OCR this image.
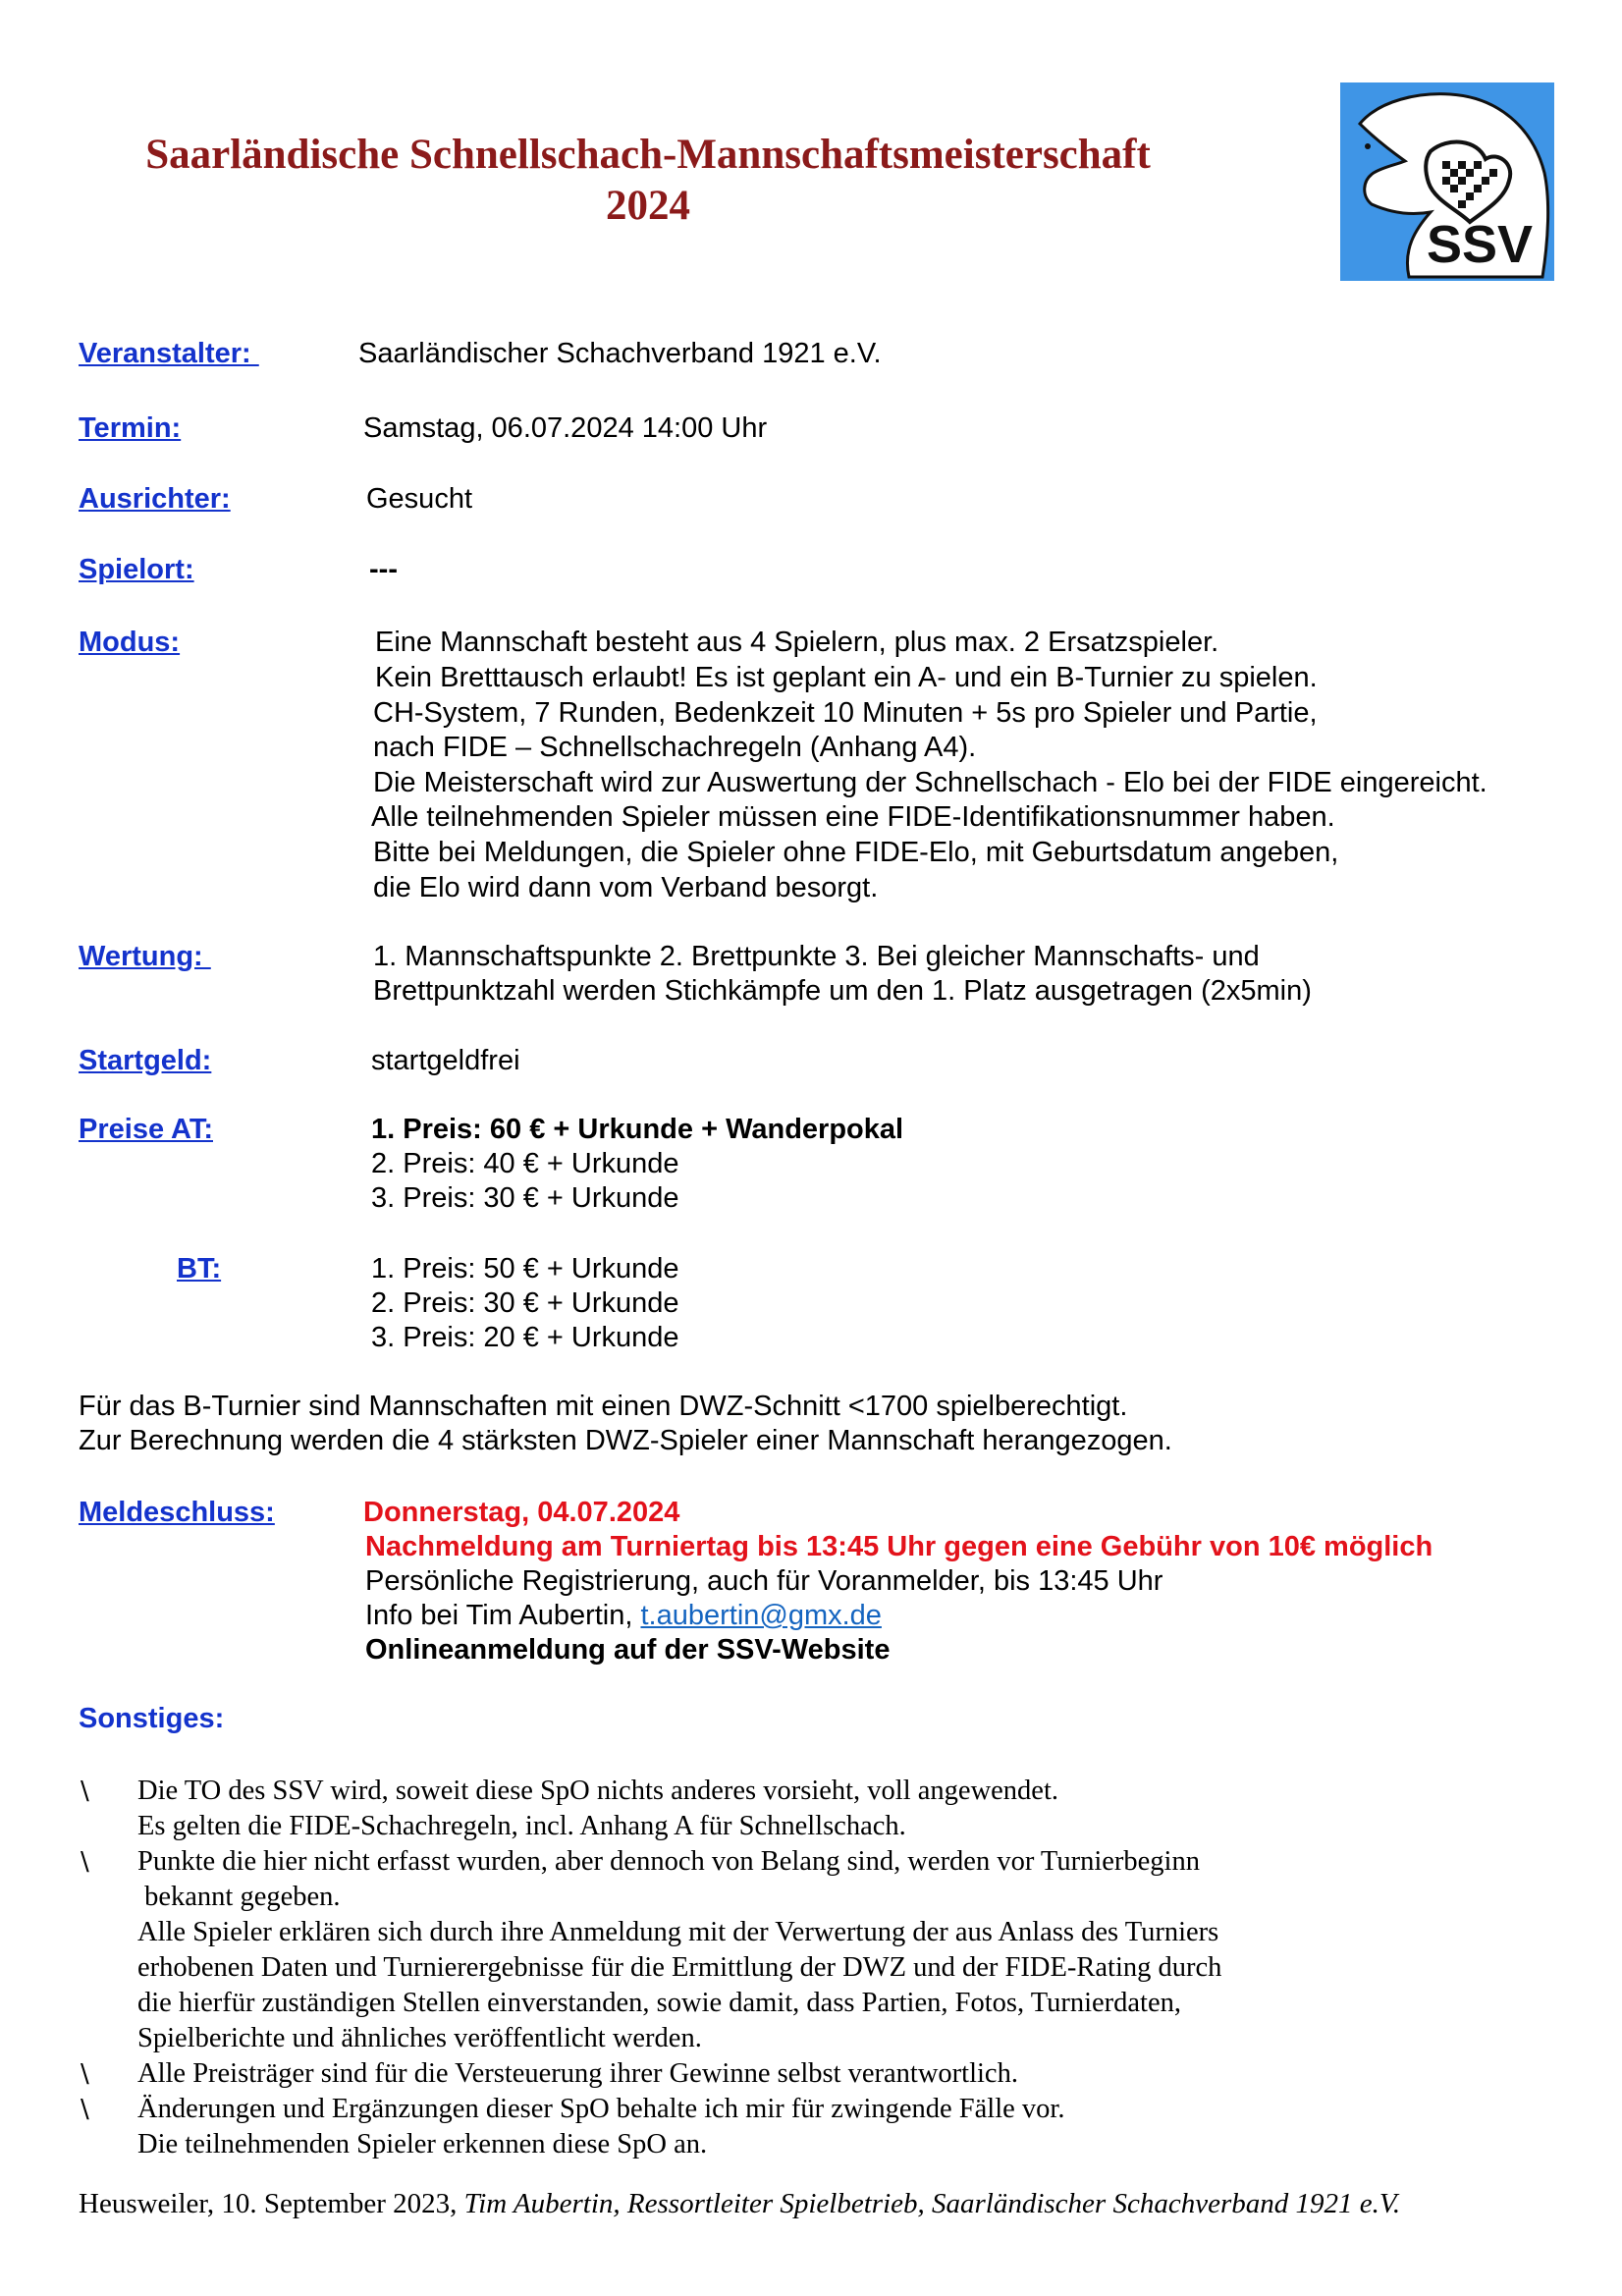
Saarländische Schnellschach-Mannschaftsmeisterschaft
2024
SSV
Veranstalter:	Saarländischer Schachverband 1921 e.V.
Termin:	Samstag, 06.07.2024 14:00 Uhr
Ausrichter:	Gesucht
Spielort:	---
Modus:	Eine Mannschaft besteht aus 4 Spielern, plus max. 2 Ersatzspieler.
Kein Bretttausch erlaubt! Es ist geplant ein A- und ein B-Turnier zu spielen.
CH-System, 7 Runden, Bedenkzeit 10 Minuten + 5s pro Spieler und Partie,
nach FIDE – Schnellschachregeln (Anhang A4).
Die Meisterschaft wird zur Auswertung der Schnellschach - Elo bei der FIDE eingereicht.
Alle teilnehmenden Spieler müssen eine FIDE-Identifikationsnummer haben.
Bitte bei Meldungen, die Spieler ohne FIDE-Elo, mit Geburtsdatum angeben,
die Elo wird dann vom Verband besorgt.
Wertung:	1. Mannschaftspunkte 2. Brettpunkte 3. Bei gleicher Mannschafts- und
Brettpunktzahl werden Stichkämpfe um den 1. Platz ausgetragen (2x5min)
Startgeld:	startgeldfrei
Preise AT:	1. Preis: 60 € + Urkunde + Wanderpokal
2. Preis: 40 € + Urkunde
3. Preis: 30 € + Urkunde
BT:	1. Preis: 50 € + Urkunde
2. Preis: 30 € + Urkunde
3. Preis: 20 € + Urkunde
Für das B-Turnier sind Mannschaften mit einen DWZ-Schnitt <1700 spielberechtigt.
Zur Berechnung werden die 4 stärksten DWZ-Spieler einer Mannschaft herangezogen.
Meldeschluss:	Donnerstag, 04.07.2024
Nachmeldung am Turniertag bis 13:45 Uhr gegen eine Gebühr von 10€ möglich
Persönliche Registrierung, auch für Voranmelder, bis 13:45 Uhr
Info bei Tim Aubertin, t.aubertin@gmx.de
Onlineanmeldung auf der SSV-Website
Sonstiges:
\ Die TO des SSV wird, soweit diese SpO nichts anderes vorsieht, voll angewendet.
Es gelten die FIDE-Schachregeln, incl. Anhang A für Schnellschach.
\ Punkte die hier nicht erfasst wurden, aber dennoch von Belang sind, werden vor Turnierbeginn
bekannt gegeben.
Alle Spieler erklären sich durch ihre Anmeldung mit der Verwertung der aus Anlass des Turniers
erhobenen Daten und Turnierergebnisse für die Ermittlung der DWZ und der FIDE-Rating durch
die hierfür zuständigen Stellen einverstanden, sowie damit, dass Partien, Fotos, Turnierdaten,
Spielberichte und ähnliches veröffentlicht werden.
\ Alle Preisträger sind für die Versteuerung ihrer Gewinne selbst verantwortlich.
\ Änderungen und Ergänzungen dieser SpO behalte ich mir für zwingende Fälle vor.
Die teilnehmenden Spieler erkennen diese SpO an.
Heusweiler, 10. September 2023, Tim Aubertin, Ressortleiter Spielbetrieb, Saarländischer Schachverband 1921 e.V.
